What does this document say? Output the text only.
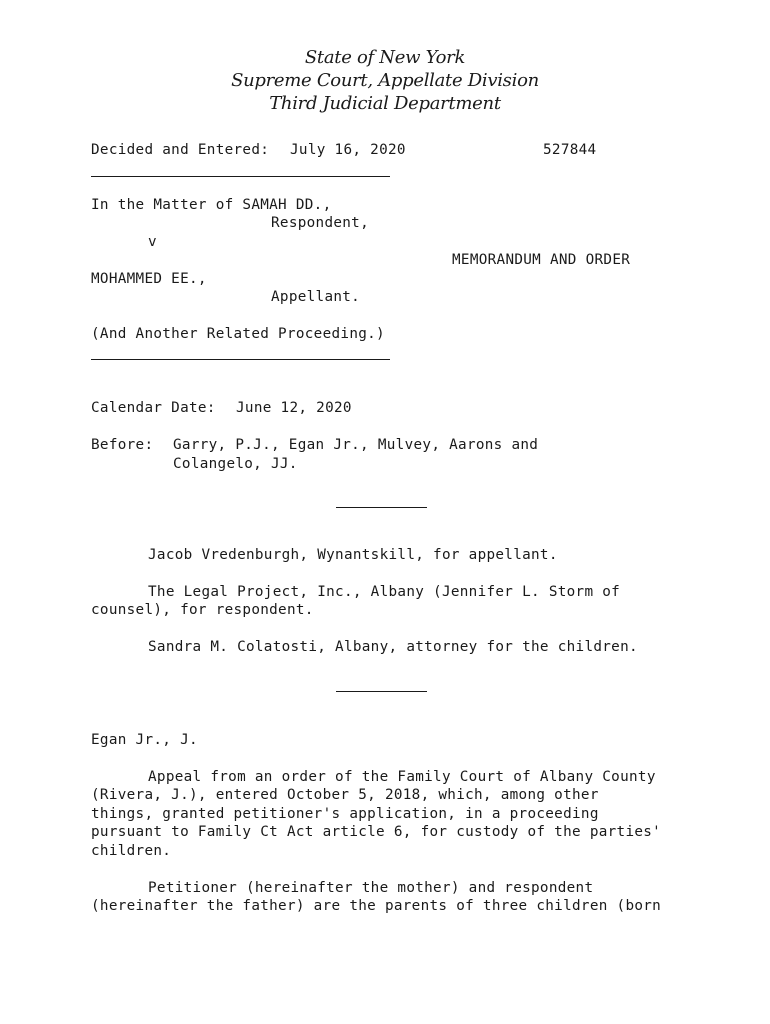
State of New York
Supreme Court, Appellate Division
Third Judicial Department
Decided and Entered: July 16, 2020	527844
In the Matter of SAMAH DD.,
Respondent,
v
MEMORANDUM AND ORDER
MOHAMMED EE.,
Appellant.
(And Another Related Proceeding.)
Calendar Date: June 12, 2020
Before: Garry, P.J., Egan Jr., Mulvey, Aarons and
Colangelo, JJ.
Jacob Vredenburgh, Wynantskill, for appellant.
The Legal Project, Inc., Albany (Jennifer L. Storm of
counsel), for respondent.
Sandra M. Colatosti, Albany, attorney for the children.
Egan Jr., J.
Appeal from an order of the Family Court of Albany County
(Rivera, J.), entered October 5, 2018, which, among other
things, granted petitioner's application, in a proceeding
pursuant to Family Ct Act article 6, for custody of the parties'
children.
Petitioner (hereinafter the mother) and respondent
(hereinafter the father) are the parents of three children (born
